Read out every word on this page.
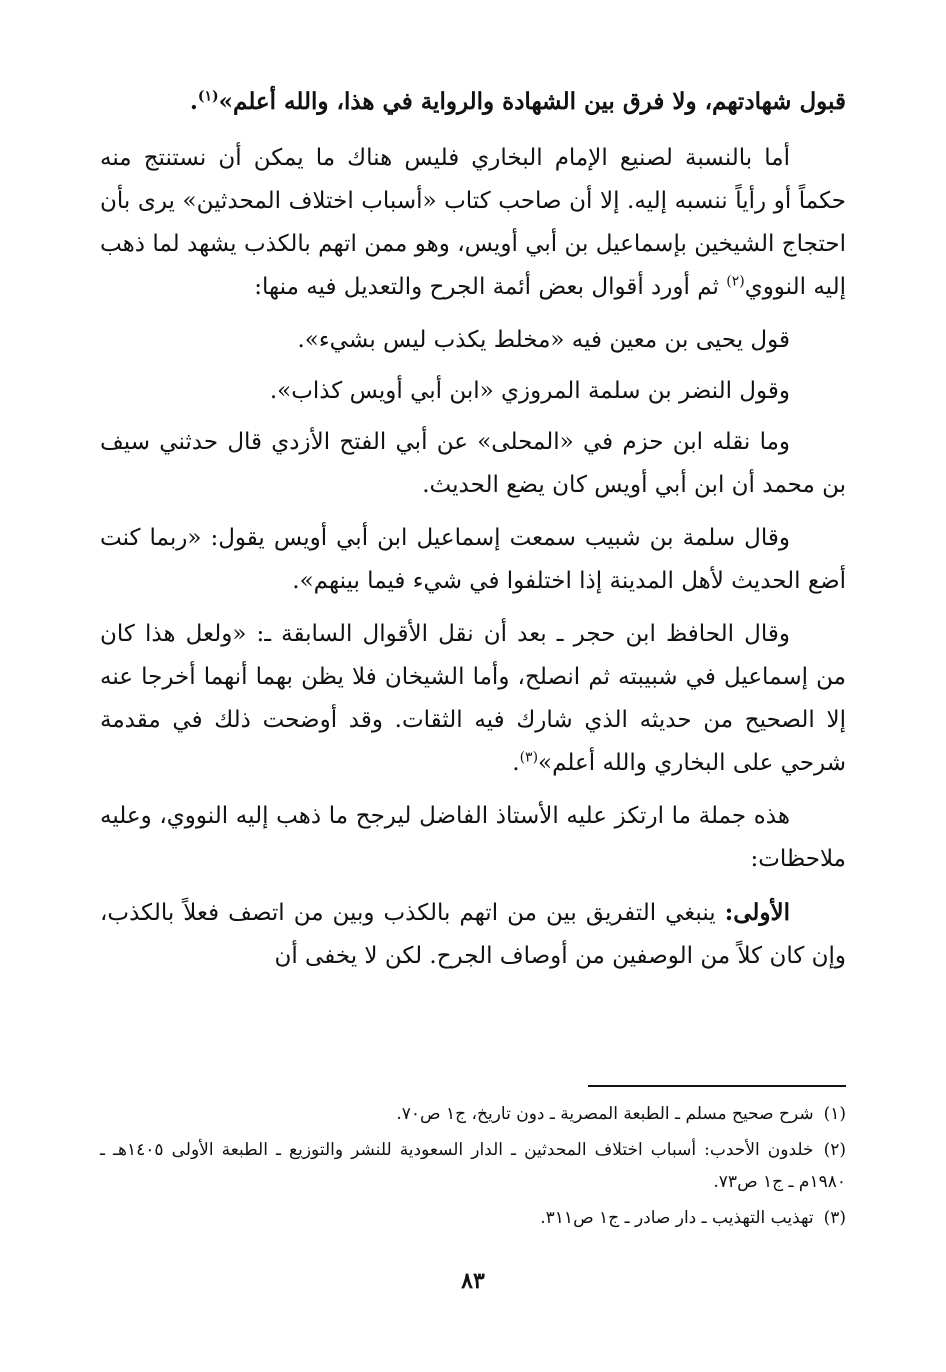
قبول شهادتهم، ولا فرق بين الشهادة والرواية في هذا، والله أعلم»$^{(١)}$.

أما بالنسبة لصنيع الإمام البخاري فليس هناك ما يمكن أن نستنتج منه حكماً أو رأياً ننسبه إليه. إلا أن صاحب كتاب «أسباب اختلاف المحدثين» يرى بأن احتجاج الشيخين بإسماعيل بن أبي أويس، وهو ممن اتهم بالكذب يشهد لما ذهب إليه النووي$^{(٢)}$ ثم أورد أقوال بعض أئمة الجرح والتعديل فيه منها:

قول يحيى بن معين فيه «مخلط يكذب ليس بشيء».

وقول النضر بن سلمة المروزي «ابن أبي أويس كذاب».

وما نقله ابن حزم في «المحلى» عن أبي الفتح الأزدي قال حدثني سيف بن محمد أن ابن أبي أويس كان يضع الحديث.

وقال سلمة بن شبيب سمعت إسماعيل ابن أبي أويس يقول: «ربما كنت أضع الحديث لأهل المدينة إذا اختلفوا في شيء فيما بينهم».

وقال الحافظ ابن حجر ـ بعد أن نقل الأقوال السابقة ـ: «ولعل هذا كان من إسماعيل في شبيبته ثم انصلح، وأما الشيخان فلا يظن بهما أنهما أخرجا عنه إلا الصحيح من حديثه الذي شارك فيه الثقات. وقد أوضحت ذلك في مقدمة شرحي على البخاري والله أعلم»$^{(٣)}$.

هذه جملة ما ارتكز عليه الأستاذ الفاضل ليرجح ما ذهب إليه النووي، وعليه ملاحظات:

الأولى: ينبغي التفريق بين من اتهم بالكذب وبين من اتصف فعلاً بالكذب، وإن كان كلاً من الوصفين من أوصاف الجرح. لكن لا يخفى أن

(١)شرح صحيح مسلم ـ الطبعة المصرية ـ دون تاريخ، ج١ ص٧٠.

(٢)خلدون الأحدب: أسباب اختلاف المحدثين ـ الدار السعودية للنشر والتوزيع ـ الطبعة الأولى ١٤٠٥هـ ـ ١٩٨٠م ـ ج١ ص٧٣.

(٣)تهذيب التهذيب ـ دار صادر ـ ج١ ص٣١١.

٨٣
